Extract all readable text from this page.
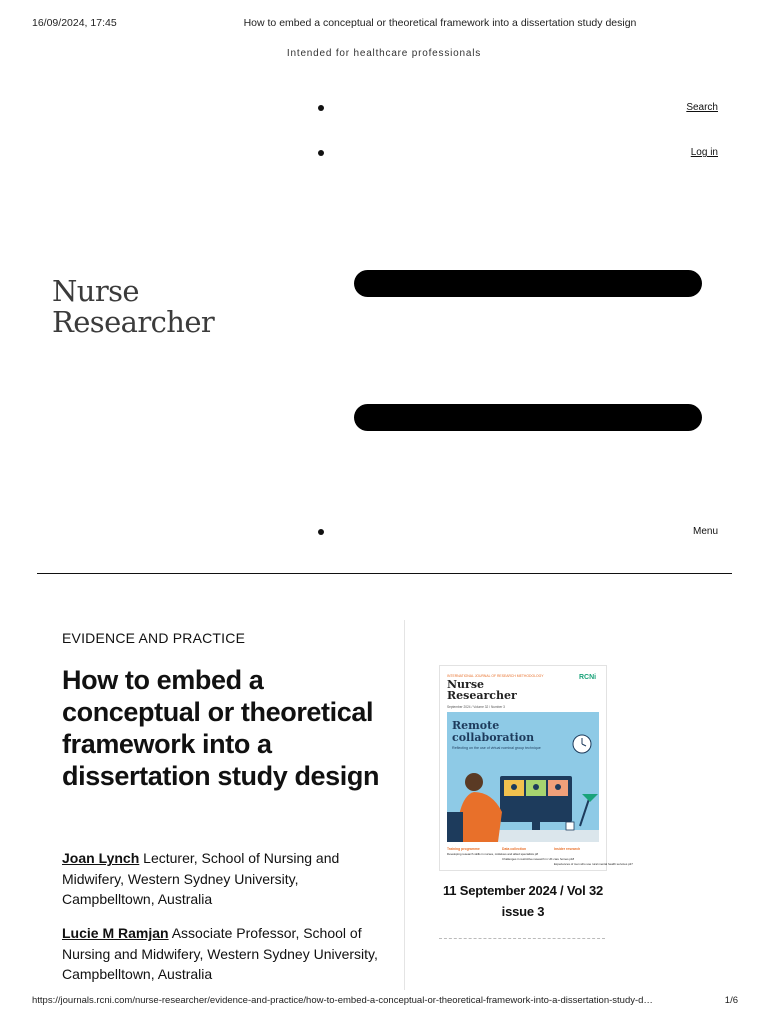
16/09/2024, 17:45	How to embed a conceptual or theoretical framework into a dissertation study design
Intended for healthcare professionals
Search
Log in
Nurse
Researcher
Menu
EVIDENCE AND PRACTICE
How to embed a conceptual or theoretical framework into a dissertation study design
Joan Lynch Lecturer, School of Nursing and Midwifery, Western Sydney University, Campbelltown, Australia
Lucie M Ramjan Associate Professor, School of Nursing and Midwifery, Western Sydney University, Campbelltown, Australia
INTERNATIONAL JOURNAL OF RESEARCH METHODOLOGY	RCNi
Nurse
Researcher
September 2024 / Volume 32 / Number 3
Remote
collaboration
Reflecting on the use of virtual nominal group technique
Training programme
Developing research skills in nurses, midwives and allied specialists p8
Data collection
Challenges in restrictive research in UK care homes p18
Insider research
Experiences of men who use rural mental health services p27
11 September 2024 / Vol 32
issue 3
https://journals.rcni.com/nurse-researcher/evidence-and-practice/how-to-embed-a-conceptual-or-theoretical-framework-into-a-dissertation-study-d…	1/6
